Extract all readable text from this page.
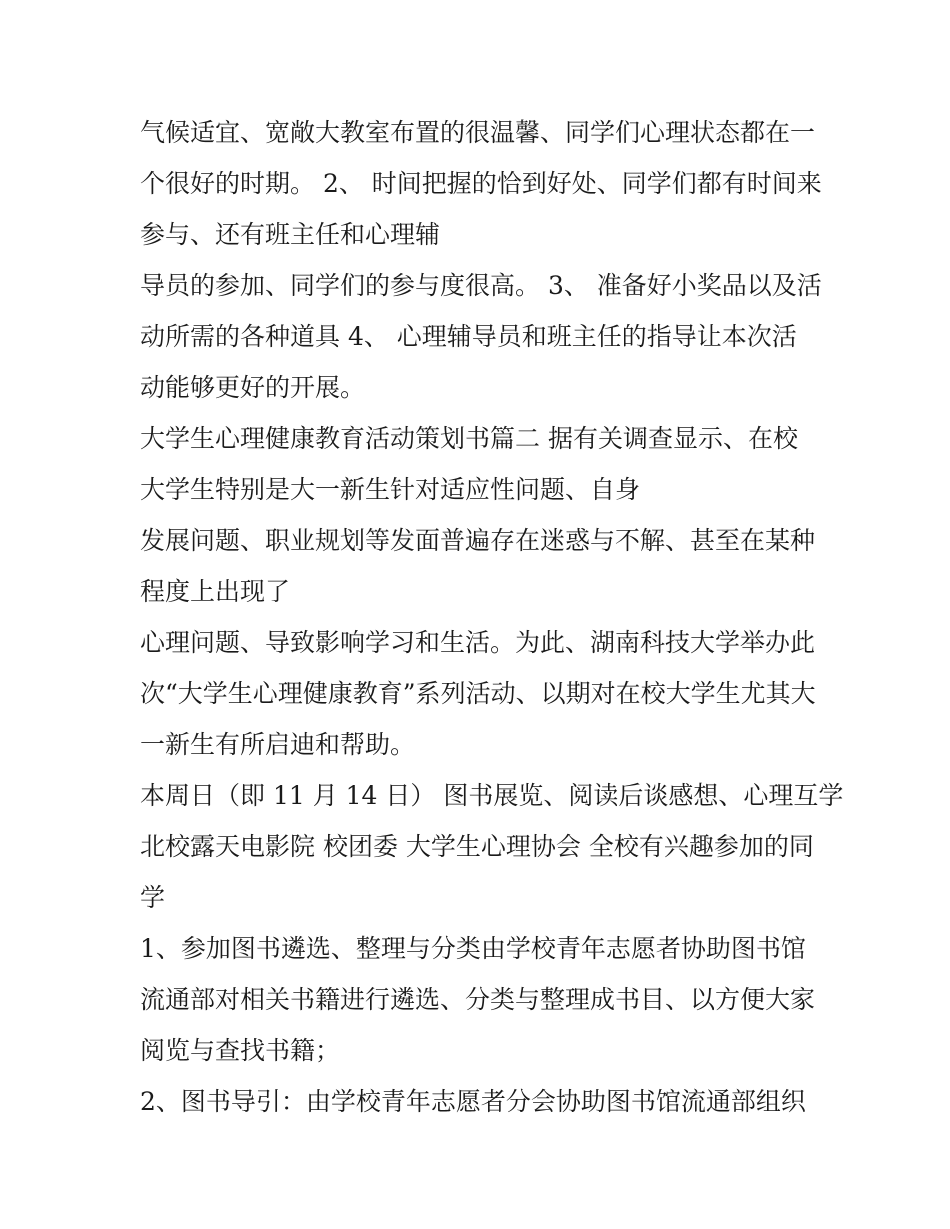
气候适宜、宽敞大教室布置的很温馨、同学们心理状态都在一
个很好的时期。 2、 时间把握的恰到好处、同学们都有时间来
参与、还有班主任和心理辅
导员的参加、同学们的参与度很高。 3、 准备好小奖品以及活
动所需的各种道具 4、 心理辅导员和班主任的指导让本次活
动能够更好的开展。
大学生心理健康教育活动策划书篇二 据有关调查显示、在校
大学生特别是大一新生针对适应性问题、自身
发展问题、职业规划等发面普遍存在迷惑与不解、甚至在某种
程度上出现了
心理问题、导致影响学习和生活。为此、湖南科技大学举办此
次“大学生心理健康教育”系列活动、以期对在校大学生尤其大
一新生有所启迪和帮助。
本周日（即 11 月 14 日） 图书展览、阅读后谈感想、心理互学
北校露天电影院 校团委 大学生心理协会 全校有兴趣参加的同
学
1、参加图书遴选、整理与分类由学校青年志愿者协助图书馆
流通部对相关书籍进行遴选、分类与整理成书目、以方便大家
阅览与查找书籍；
2、图书导引：由学校青年志愿者分会协助图书馆流通部组织
